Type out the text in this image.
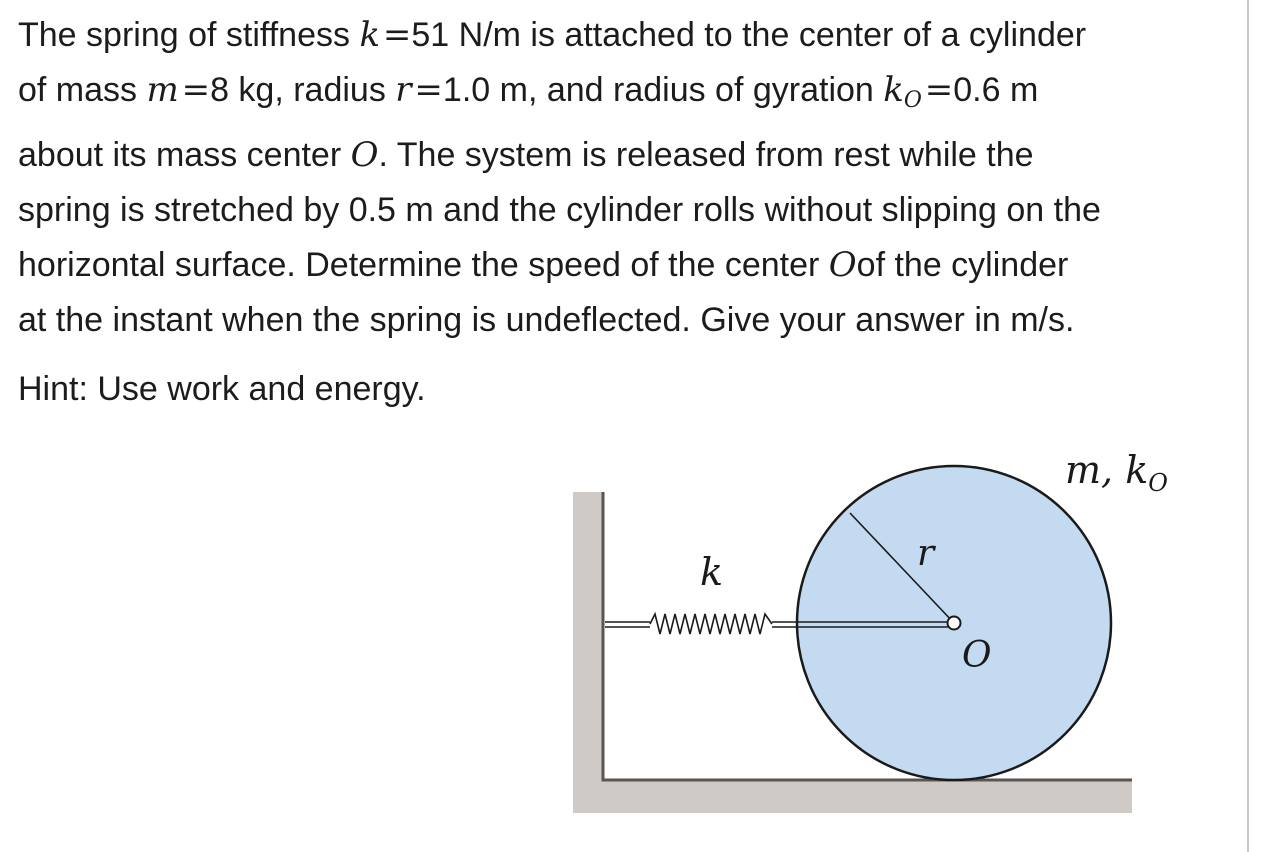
The spring of stiffness k =51 N/m is attached to the center of a cylinder
of mass m =8 kg, radius r =1.0 m, and radius of gyration kO =0.6 m
about its mass center O. The system is released from rest while the
spring is stretched by 0.5 m and the cylinder rolls without slipping on the
horizontal surface. Determine the speed of the center Oof the cylinder
at the instant when the spring is undeflected. Give your answer in m/s.
Hint: Use work and energy.
m, $k_O$
k	r
O
